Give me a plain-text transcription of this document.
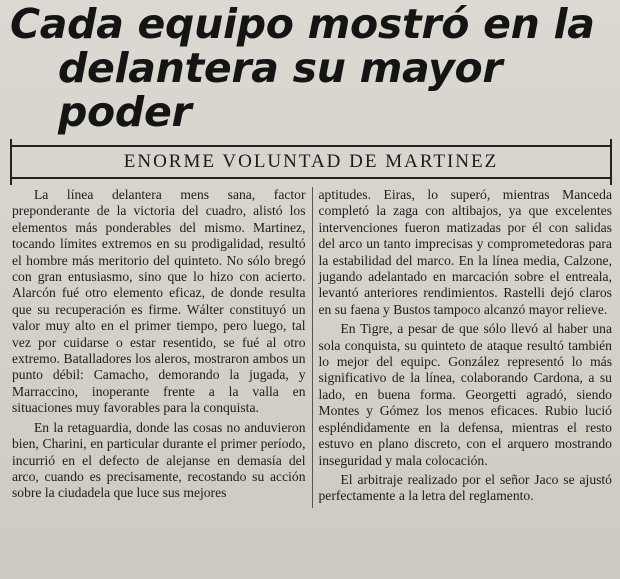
Cada equipo mostró en la
delantera su mayor poder
ENORME VOLUNTAD DE MARTINEZ

La línea delantera mens sana, factor preponderante de la victoria del cuadro, alistó los elementos más ponderables del mismo. Martinez, tocando límites extremos en su prodigalidad, resultó el hombre más meritorio del quinteto. No sólo bregó con gran entusiasmo, sino que lo hizo con acierto. Alarcón fué otro elemento eficaz, de donde resulta que su recuperación es firme. Wálter constituyó un valor muy alto en el primer tiempo, pero luego, tal vez por cuidarse o estar resentido, se fué al otro extremo. Batalladores los aleros, mostraron ambos un punto débil: Camacho, demorando la jugada, y Marraccino, inoperante frente a la valla en situaciones muy favorables para la conquista.

En la retaguardia, donde las cosas no anduvieron bien, Charini, en particular durante el primer período, incurrió en el defecto de alejanse en demasía del arco, cuando es precisamente, recostando su acción sobre la ciudadela que luce sus mejores

aptitudes. Eiras, lo superó, mientras Manceda completó la zaga con altibajos, ya que excelentes intervenciones fueron matizadas por él con salidas del arco un tanto imprecisas y comprometedoras para la estabilidad del marco. En la línea media, Calzone, jugando adelantado en marcación sobre el entreala, levantó anteriores rendimientos. Rastelli dejó claros en su faena y Bustos tampoco alcanzó mayor relieve.

En Tigre, a pesar de que sólo llevó al haber una sola conquista, su quinteto de ataque resultó también lo mejor del equipc. González representó lo más significativo de la línea, colaborando Cardona, a su lado, en buena forma. Georgetti agradó, siendo Montes y Gómez los menos eficaces. Rubio lució espléndidamente en la defensa, mientras el resto estuvo en plano discreto, con el arquero mostrando inseguridad y mala colocación.

El arbitraje realizado por el señor Jaco se ajustó perfectamente a la letra del reglamento.
